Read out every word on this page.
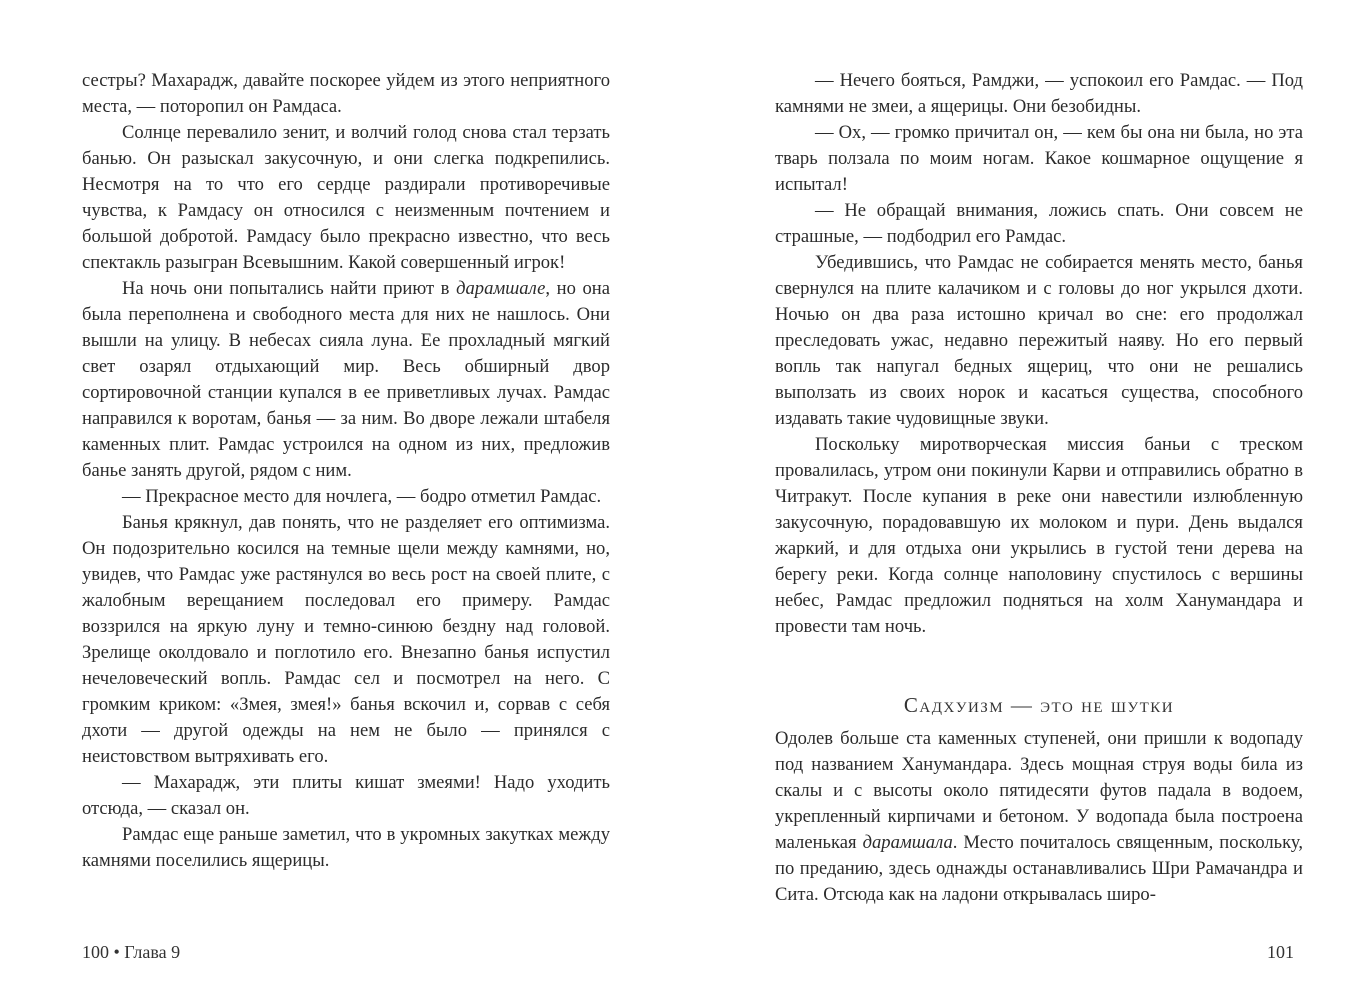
сестры? Махарадж, давайте поскорее уйдем из этого неприятного места, — поторопил он Рамдаса.

Солнце перевалило зенит, и волчий голод снова стал терзать банью. Он разыскал закусочную, и они слегка подкрепились. Несмотря на то что его сердце раздирали противоречивые чувства, к Рамдасу он относился с неизменным почтением и большой добротой. Рамдасу было прекрасно известно, что весь спектакль разыгран Всевышним. Какой совершенный игрок!

На ночь они попытались найти приют в дарамшале, но она была переполнена и свободного места для них не нашлось. Они вышли на улицу. В небесах сияла луна. Ее прохладный мягкий свет озарял отдыхающий мир. Весь обширный двор сортировочной станции купался в ее приветливых лучах. Рамдас направился к воротам, банья — за ним. Во дворе лежали штабеля каменных плит. Рамдас устроился на одном из них, предложив банье занять другой, рядом с ним.

— Прекрасное место для ночлега, — бодро отметил Рамдас.

Банья крякнул, дав понять, что не разделяет его оптимизма. Он подозрительно косился на темные щели между камнями, но, увидев, что Рамдас уже растянулся во весь рост на своей плите, с жалобным верещанием последовал его примеру. Рамдас воззрился на яркую луну и темно-синюю бездну над головой. Зрелище околдовало и поглотило его. Внезапно банья испустил нечеловеческий вопль. Рамдас сел и посмотрел на него. С громким криком: «Змея, змея!» банья вскочил и, сорвав с себя дхоти — другой одежды на нем не было — принялся с неистовством вытряхивать его.

— Махарадж, эти плиты кишат змеями! Надо уходить отсюда, — сказал он.

Рамдас еще раньше заметил, что в укромных закутках между камнями поселились ящерицы.

100 • Глава 9

— Нечего бояться, Рамджи, — успокоил его Рамдас. — Под камнями не змеи, а ящерицы. Они безобидны.

— Ох, — громко причитал он, — кем бы она ни была, но эта тварь ползала по моим ногам. Какое кошмарное ощущение я испытал!

— Не обращай внимания, ложись спать. Они совсем не страшные, — подбодрил его Рамдас.

Убедившись, что Рамдас не собирается менять место, банья свернулся на плите калачиком и с головы до ног укрылся дхоти. Ночью он два раза истошно кричал во сне: его продолжал преследовать ужас, недавно пережитый наяву. Но его первый вопль так напугал бедных ящериц, что они не решались выползать из своих норок и касаться существа, способного издавать такие чудовищные звуки.

Поскольку миротворческая миссия баньи с треском провалилась, утром они покинули Карви и отправились обратно в Читракут. После купания в реке они навестили излюбленную закусочную, порадовавшую их молоком и пури. День выдался жаркий, и для отдыха они укрылись в густой тени дерева на берегу реки. Когда солнце наполовину спустилось с вершины небес, Рамдас предложил подняться на холм Ханумандара и провести там ночь.

Садхуизм — это не шутки

Одолев больше ста каменных ступеней, они пришли к водопаду под названием Ханумандара. Здесь мощная струя воды била из скалы и с высоты около пятидесяти футов падала в водоем, укрепленный кирпичами и бетоном. У водопада была построена маленькая дарамшала. Место почиталось священным, поскольку, по преданию, здесь однажды останавливались Шри Рамачандра и Сита. Отсюда как на ладони открывалась широ-

101
